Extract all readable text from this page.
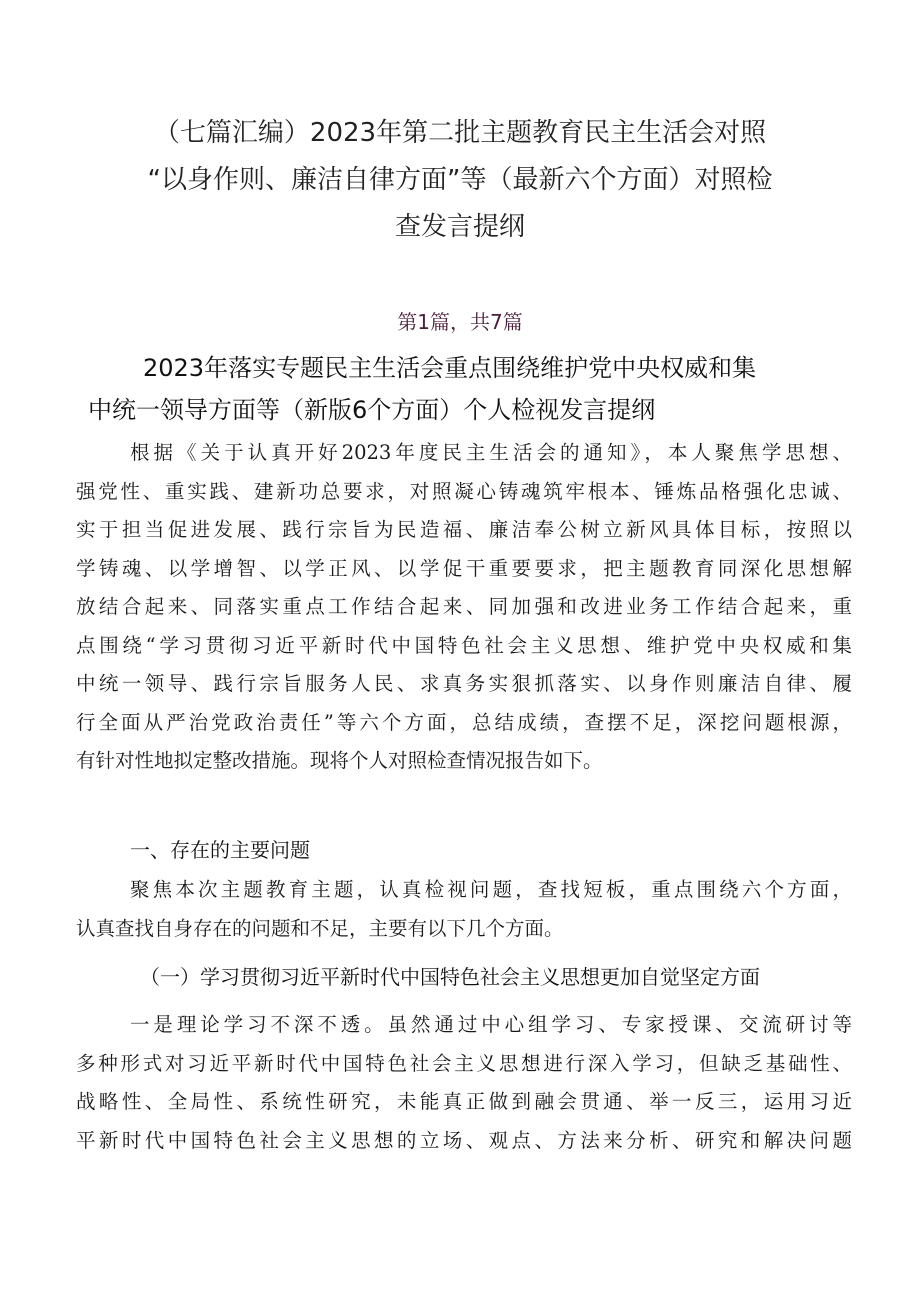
（七篇汇编）2023年第二批主题教育民主生活会对照
“以身作则、廉洁自律方面”等（最新六个方面）对照检
查发言提纲
第1篇，共7篇
2023年落实专题民主生活会重点围绕维护党中央权威和集
中统一领导方面等（新版6个方面）个人检视发言提纲
根据《关于认真开好2023年度民主生活会的通知》，本人聚焦学思想、
强党性、重实践、建新功总要求，对照凝心铸魂筑牢根本、锤炼品格强化忠诚、
实于担当促进发展、践行宗旨为民造福、廉洁奉公树立新风具体目标，按照以
学铸魂、以学增智、以学正风、以学促干重要要求，把主题教育同深化思想解
放结合起来、同落实重点工作结合起来、同加强和改进业务工作结合起来，重
点围绕“学习贯彻习近平新时代中国特色社会主义思想、维护党中央权威和集
中统一领导、践行宗旨服务人民、求真务实狠抓落实、以身作则廉洁自律、履
行全面从严治党政治责任”等六个方面，总结成绩，查摆不足，深挖问题根源，
有针对性地拟定整改措施。现将个人对照检查情况报告如下。
一、存在的主要问题
聚焦本次主题教育主题，认真检视问题，查找短板，重点围绕六个方面，
认真查找自身存在的问题和不足，主要有以下几个方面。
（一）学习贯彻习近平新时代中国特色社会主义思想更加自觉坚定方面
一是理论学习不深不透。虽然通过中心组学习、专家授课、交流研讨等
多种形式对习近平新时代中国特色社会主义思想进行深入学习，但缺乏基础性、
战略性、全局性、系统性研究，未能真正做到融会贯通、举一反三，运用习近
平新时代中国特色社会主义思想的立场、观点、方法来分析、研究和解决问题
